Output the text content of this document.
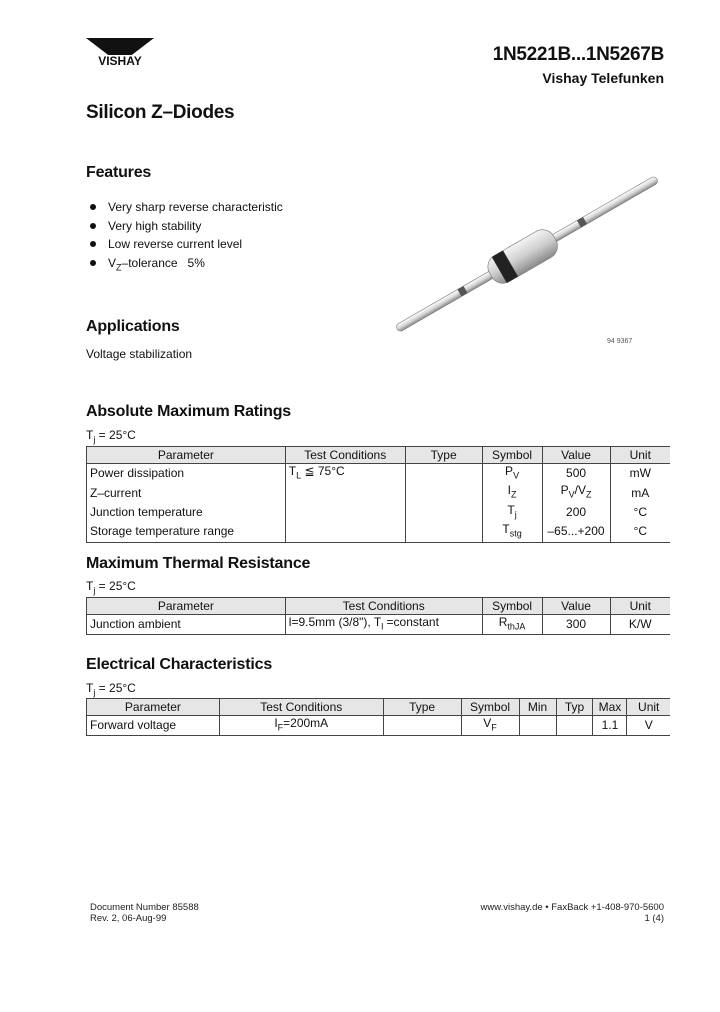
VISHAY	1N5221B...1N5267B
Vishay Telefunken
Silicon Z–Diodes
Features
Very sharp reverse characteristic
Very high stability
Low reverse current level
$V_Z$–tolerance   5%
94 9367
Applications
Voltage stabilization
Absolute Maximum Ratings
$T_j = 25^\circ C$
Parameter	Test Conditions	Type	Symbol	Value	Unit
Power dissipation	$T_L$ ≦ 75°C		$P_V$	500	mW
Z–current			$I_Z$	$P_V/V_Z$	mA
Junction temperature			$T_j$	200	°C
Storage temperature range			$T_{stg}$	–65...+200	°C
Maximum Thermal Resistance
$T_j = 25^\circ C$
Parameter	Test Conditions	Symbol	Value	Unit
Junction ambient	l=9.5mm (3/8"), $T_l$ =constant	$R_{thJA}$	300	K/W
Electrical Characteristics
$T_j = 25^\circ C$
Parameter	Test Conditions	Type	Symbol	Min	Typ	Max	Unit
Forward voltage	$I_F=200mA$		$V_F$			1.1	V
Document Number 85588
Rev. 2, 06-Aug-99
www.vishay.de • FaxBack +1-408-970-5600
1 (4)
